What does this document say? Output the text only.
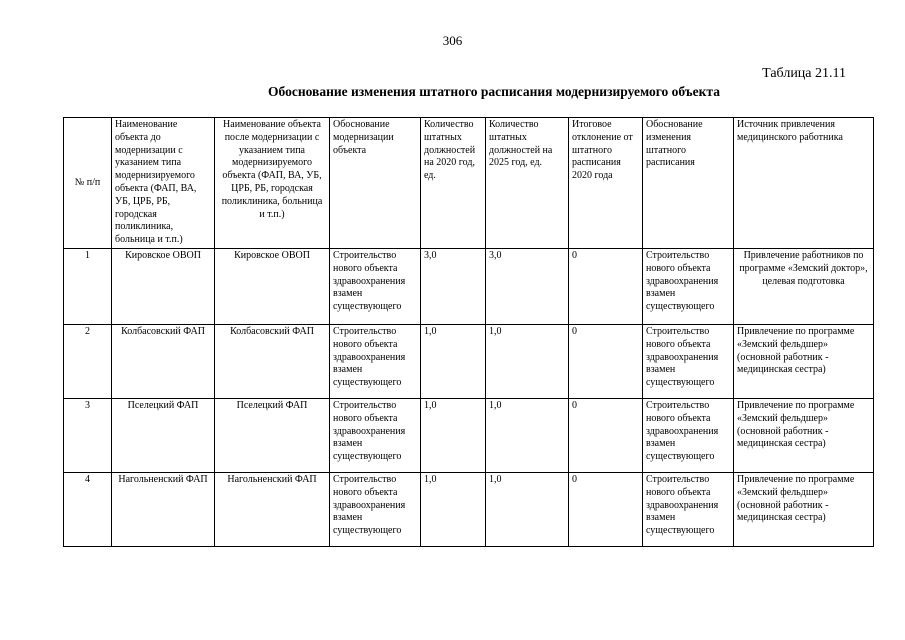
306
Таблица 21.11
Обоснование изменения штатного расписания модернизируемого объекта
№ п/п	Наименование объекта до модернизации с указанием типа модернизируемого объекта (ФАП, ВА, УБ, ЦРБ, РБ, городская поликлиника, больница и т.п.)	Наименование объекта после модернизации с указанием типа модернизируемого объекта (ФАП, ВА, УБ, ЦРБ, РБ, городская поликлиника, больница и т.п.)	Обоснование модернизации объекта	Количество штатных должностей на 2020 год, ед.	Количество штатных должностей на 2025 год, ед.	Итоговое отклонение от штатного расписания 2020 года	Обоснование изменения штатного расписания	Источник привлечения медицинского работника
1	Кировское ОВОП	Кировское ОВОП	Строительство нового объекта здравоохранения взамен существующего	3,0	3,0	0	Строительство нового объекта здравоохранения взамен существующего	Привлечение работников по программе «Земский доктор», целевая подготовка
2	Колбасовский ФАП	Колбасовский ФАП	Строительство нового объекта здравоохранения взамен существующего	1,0	1,0	0	Строительство нового объекта здравоохранения взамен существующего	Привлечение по программе «Земский фельдшер» (основной работник - медицинская сестра)
3	Пселецкий ФАП	Пселецкий ФАП	Строительство нового объекта здравоохранения взамен существующего	1,0	1,0	0	Строительство нового объекта здравоохранения взамен существующего	Привлечение по программе «Земский фельдшер» (основной работник - медицинская сестра)
4	Нагольненский ФАП	Нагольненский ФАП	Строительство нового объекта здравоохранения взамен существующего	1,0	1,0	0	Строительство нового объекта здравоохранения взамен существующего	Привлечение по программе «Земский фельдшер» (основной работник - медицинская сестра)
